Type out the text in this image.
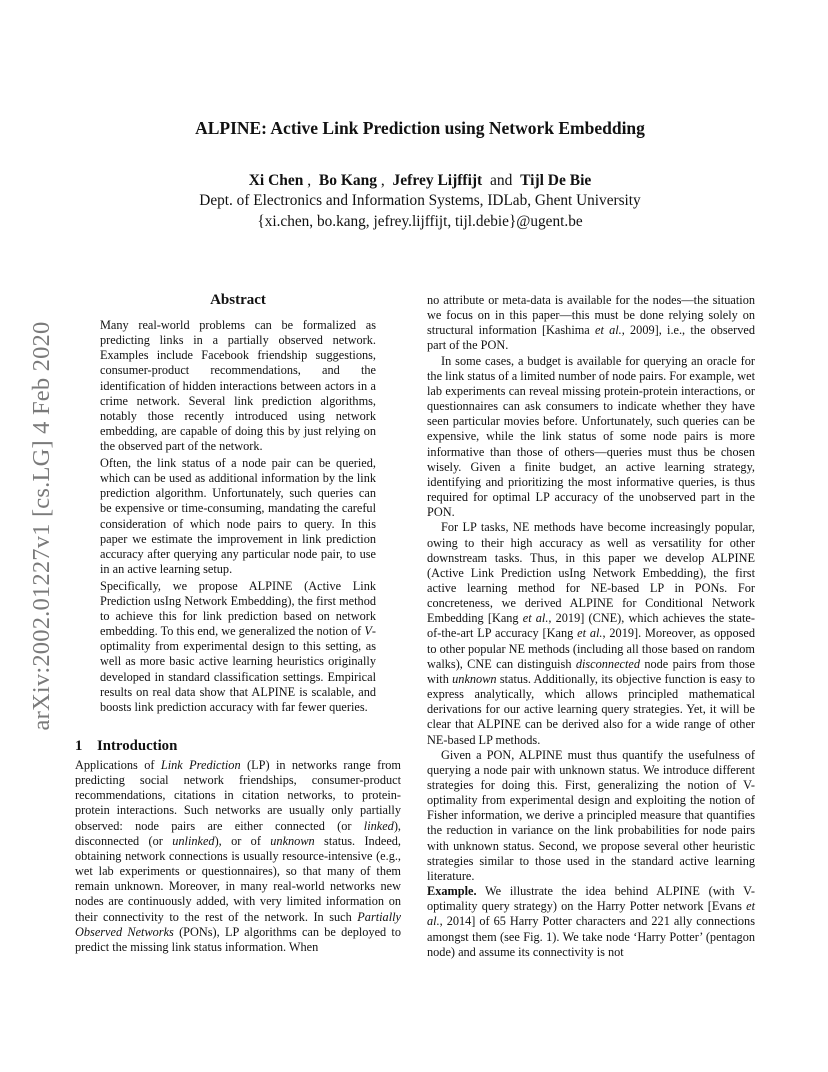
arXiv:2002.01227v1 [cs.LG] 4 Feb 2020
ALPINE: Active Link Prediction using Network Embedding
Xi Chen , Bo Kang , Jefrey Lijffijt and Tijl De Bie
Dept. of Electronics and Information Systems, IDLab, Ghent University
{xi.chen, bo.kang, jefrey.lijffijt, tijl.debie}@ugent.be
Abstract

Many real-world problems can be formalized as predicting links in a partially observed network. Examples include Facebook friendship suggestions, consumer-product recommendations, and the identification of hidden interactions between actors in a crime network. Several link prediction algorithms, notably those recently introduced using network embedding, are capable of doing this by just relying on the observed part of the network.

Often, the link status of a node pair can be queried, which can be used as additional information by the link prediction algorithm. Unfortunately, such queries can be expensive or time-consuming, mandating the careful consideration of which node pairs to query. In this paper we estimate the improvement in link prediction accuracy after querying any particular node pair, to use in an active learning setup.

Specifically, we propose ALPINE (Active Link Prediction usIng Network Embedding), the first method to achieve this for link prediction based on network embedding. To this end, we generalized the notion of V-optimality from experimental design to this setting, as well as more basic active learning heuristics originally developed in standard classification settings. Empirical results on real data show that ALPINE is scalable, and boosts link prediction accuracy with far fewer queries.

1 Introduction

Applications of Link Prediction (LP) in networks range from predicting social network friendships, consumer-product recommendations, citations in citation networks, to protein-protein interactions. Such networks are usually only partially observed: node pairs are either connected (or linked), disconnected (or unlinked), or of unknown status. Indeed, obtaining network connections is usually resource-intensive (e.g., wet lab experiments or questionnaires), so that many of them remain unknown. Moreover, in many real-world networks new nodes are continuously added, with very limited information on their connectivity to the rest of the network. In such Partially Observed Networks (PONs), LP algorithms can be deployed to predict the missing link status information. When

no attribute or meta-data is available for the nodes—the situation we focus on in this paper—this must be done relying solely on structural information [Kashima et al., 2009], i.e., the observed part of the PON.

In some cases, a budget is available for querying an oracle for the link status of a limited number of node pairs. For example, wet lab experiments can reveal missing protein-protein interactions, or questionnaires can ask consumers to indicate whether they have seen particular movies before. Unfortunately, such queries can be expensive, while the link status of some node pairs is more informative than those of others—queries must thus be chosen wisely. Given a finite budget, an active learning strategy, identifying and prioritizing the most informative queries, is thus required for optimal LP accuracy of the unobserved part in the PON.

For LP tasks, NE methods have become increasingly popular, owing to their high accuracy as well as versatility for other downstream tasks. Thus, in this paper we develop ALPINE (Active Link Prediction usIng Network Embedding), the first active learning method for NE-based LP in PONs. For concreteness, we derived ALPINE for Conditional Network Embedding [Kang et al., 2019] (CNE), which achieves the state-of-the-art LP accuracy [Kang et al., 2019]. Moreover, as opposed to other popular NE methods (including all those based on random walks), CNE can distinguish disconnected node pairs from those with unknown status. Additionally, its objective function is easy to express analytically, which allows principled mathematical derivations for our active learning query strategies. Yet, it will be clear that ALPINE can be derived also for a wide range of other NE-based LP methods.

Given a PON, ALPINE must thus quantify the usefulness of querying a node pair with unknown status. We introduce different strategies for doing this. First, generalizing the notion of V-optimality from experimental design and exploiting the notion of Fisher information, we derive a principled measure that quantifies the reduction in variance on the link probabilities for node pairs with unknown status. Second, we propose several other heuristic strategies similar to those used in the standard active learning literature.

Example. We illustrate the idea behind ALPINE (with V-optimality query strategy) on the Harry Potter network [Evans et al., 2014] of 65 Harry Potter characters and 221 ally connections amongst them (see Fig. 1). We take node ‘Harry Potter’ (pentagon node) and assume its connectivity is not
